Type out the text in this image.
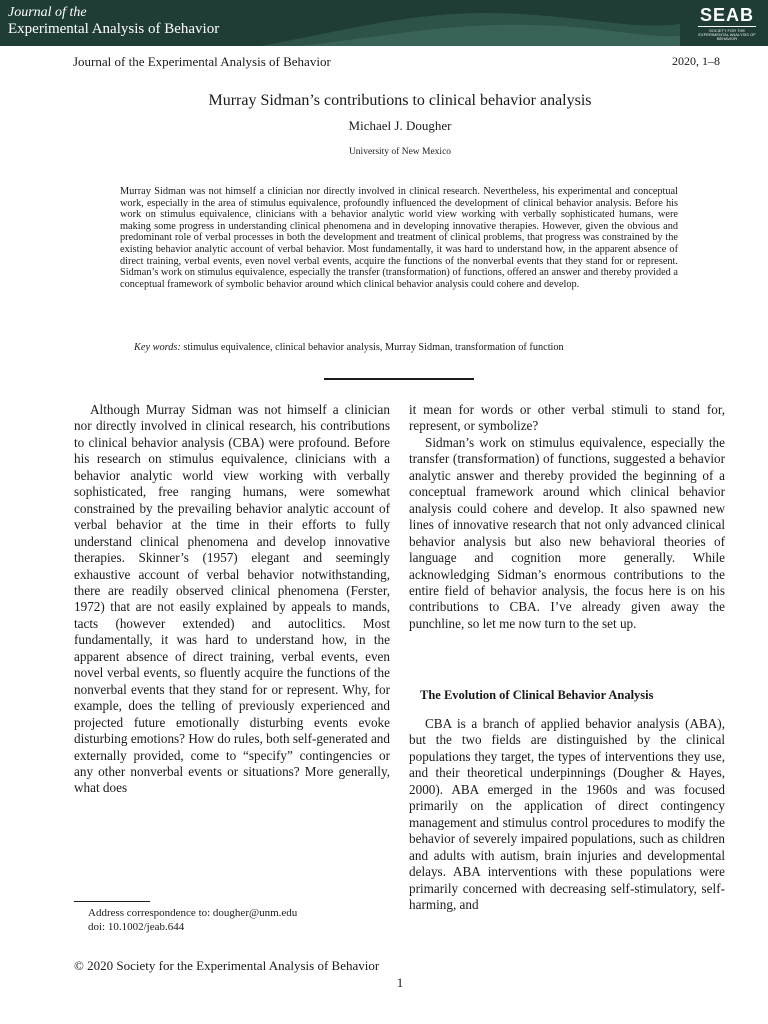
Journal of the
Experimental Analysis of Behavior
SEAB
SOCIETY FOR THE EXPERIMENTAL ANALYSIS OF BEHAVIOR
Journal of the Experimental Analysis of Behavior	2020, 1–8
Murray Sidman’s contributions to clinical behavior analysis
Michael J. Dougher
University of New Mexico

Murray Sidman was not himself a clinician nor directly involved in clinical research. Nevertheless, his experimental and conceptual work, especially in the area of stimulus equivalence, profoundly influenced the development of clinical behavior analysis. Before his work on stimulus equivalence, clinicians with a behavior analytic world view working with verbally sophisticated humans, were making some progress in understanding clinical phenomena and in developing innovative therapies. However, given the obvious and predominant role of verbal processes in both the development and treatment of clinical problems, that progress was constrained by the existing behavior analytic account of verbal behavior. Most fundamentally, it was hard to understand how, in the apparent absence of direct training, verbal events, even novel verbal events, acquire the functions of the nonverbal events that they stand for or represent. Sidman’s work on stimulus equivalence, especially the transfer (transformation) of functions, offered an answer and thereby provided a conceptual framework of symbolic behavior around which clinical behavior analysis could cohere and develop.

Key words: stimulus equivalence, clinical behavior analysis, Murray Sidman, transformation of function

Although Murray Sidman was not himself a clinician nor directly involved in clinical research, his contributions to clinical behavior analysis (CBA) were profound. Before his research on stimulus equivalence, clinicians with a behavior analytic world view working with verbally sophisticated, free ranging humans, were somewhat constrained by the prevailing behavior analytic account of verbal behavior at the time in their efforts to fully understand clinical phenomena and develop innovative therapies. Skinner’s (1957) elegant and seemingly exhaustive account of verbal behavior notwithstanding, there are readily observed clinical phenomena (Ferster, 1972) that are not easily explained by appeals to mands, tacts (however extended) and autoclitics. Most fundamentally, it was hard to understand how, in the apparent absence of direct training, verbal events, even novel verbal events, so fluently acquire the functions of the nonverbal events that they stand for or represent. Why, for example, does the telling of previously experienced and projected future emotionally disturbing events evoke disturbing emotions? How do rules, both self-generated and externally provided, come to “specify” contingencies or any other nonverbal events or situations? More generally, what does

it mean for words or other verbal stimuli to stand for, represent, or symbolize?

Sidman’s work on stimulus equivalence, especially the transfer (transformation) of functions, suggested a behavior analytic answer and thereby provided the beginning of a conceptual framework around which clinical behavior analysis could cohere and develop. It also spawned new lines of innovative research that not only advanced clinical behavior analysis but also new behavioral theories of language and cognition more generally. While acknowledging Sidman’s enormous contributions to the entire field of behavior analysis, the focus here is on his contributions to CBA. I’ve already given away the punchline, so let me now turn to the set up.

The Evolution of Clinical Behavior Analysis

CBA is a branch of applied behavior analysis (ABA), but the two fields are distinguished by the clinical populations they target, the types of interventions they use, and their theoretical underpinnings (Dougher & Hayes, 2000). ABA emerged in the 1960s and was focused primarily on the application of direct contingency management and stimulus control procedures to modify the behavior of severely impaired populations, such as children and adults with autism, brain injuries and developmental delays. ABA interventions with these populations were primarily concerned with decreasing self-stimulatory, self-harming, and

Address correspondence to: dougher@unm.edu
doi: 10.1002/jeab.644
© 2020 Society for the Experimental Analysis of Behavior
1
